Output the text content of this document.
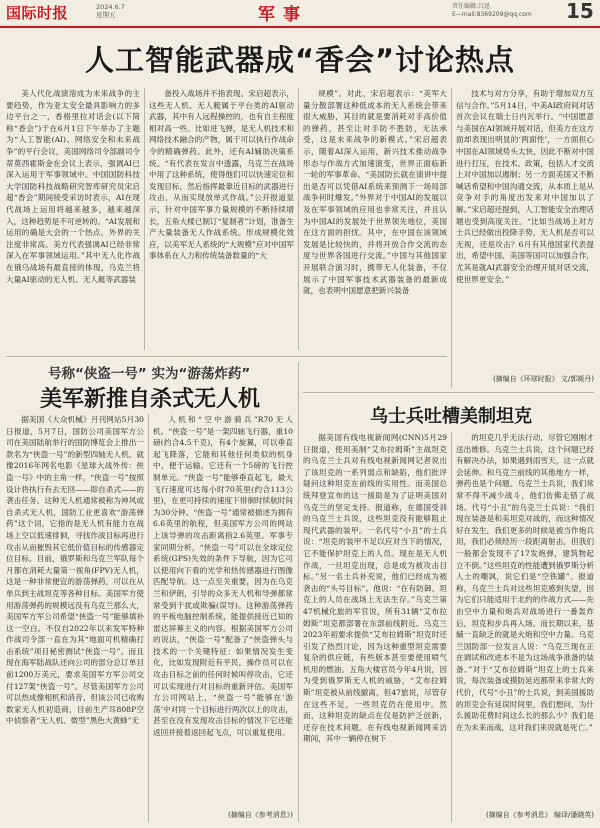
国际时报	2024.6.7
星期五	军事	责任编辑:吕迅
E—mail:8369209@qq.com 15
人工智能武器成“香会”讨论热点

美人代化战演溶成为未来战争的主要趋势，作为亚太安全最具影响力的多边平台之一，香格里拉对话会(以下简称“香会”)于在6月1日下午举办了主题为“人工智能(AI)、网络安全和未来战争”的平行会议，美国网络司令部副司令蒂莫西霍斯金在会议上表示，强调AI已深入运用于军事领域中。中国国防科技大学国防科技战略研究智库研究员宋启超“香会”期间接受采访时表示，AI在现代战场上运用将越来越多，越来越深入，这种趋势是不可逆转的。“AI发展和运用的确是大会的一个热点，外界的关注度非常高。美方代表强调AI已经非常深入在军事领域运用。”其中无人化作战在俄乌战场有最直接的体现，乌克兰将大量AI驱动的无人机、无人艇等武器装

备投入战场并不指表现。宋启超表示，这些无人机、无人艇属于平台类的AI驱动武器，其中有人远程操控的，也有自主程度相对高一些。比如进飞弹，是无人机技术和网络技术融合的产物，属于可以执行作战命令的精确弹药。此外，还有AI辅助决策系统。“有代表在发言中透露，乌克兰在战场中用了这种系统，使得他们可以快速定位和发现目标，然后指挥最靠近目标的武器进行攻击，从而实现放单式作战。”公开报道显示，针对中国军事力量规模的不断持续增长，五角大楼已制订“复制者”计划，准备生产大量装备无人作战系统。形成规模化效应，以美军无人系统的“大规模”应对中国军事体系在人力和传统装备数量的“大

规模”。对此，宋启超表示：“美军大量分散部署这种低成本的无人系统会带来很大威胁，其目的就是要消耗对手高价值的弹药，甚至让对手防不胜防，无法承受，这是未来战争的新模式。”宋启超表示，随着AI深入运用，新兴技术推动战争形态与作战方式加速演变，世界正面临新一轮的军事革命。“美国防长就在演讲中提出是否可以凭借AI系统来预测下一场局部战争何时爆发。”外界对于中国AI的发展以及在军事领域的应用也非常关注，并且认为中国AI的发展处于世界领先地位，美国在这方面的担忧。其中，在中国在该领域发展是比较快的，并将开放合作交流的态度与世界各国进行交流。”中国与其他国家开展联合演习时，携带无人化装备，不仅展示了中国军事技术武器装备的最新成就，也表明中国愿意把新兴装备

技术与对方分享，有助于增加双方互信与合作。”5月14日，中美AI政府间对话首次会议在瑞士日内瓦举行。“中国愿意与美国在AI领域开展对话，但美方在这方面却表现出明显的‘两面性’，一方面担心中国在AI领域势头太快，因此不断对中国进行打压，在技术、政策，包括人才交流上对中国加以遏制；另一方面美国又不断喊话希望和中国沟通交流，从本质上是从竞争对手的角度出发来对中国加以了解。”宋启超还提到，人工智能安全治理话题也受到高度关注。“比如当战场上对方士兵已经做出投降手势，无人机是否可以无视，还是攻击？6月有其他国家代表提出，希望中国、美国等国可以加强合作，尤其是就AI武器安全治理开展对话交流，使世界更安全。”

(摘编自《环球时报》 文/郭媛丹)
号称“侠盗一号” 实为“游荡炸药”
美军新推自杀式无人机

据美国《大众机械》月刊网站5月30日报道，5月7日，国防公司美国军方公司在美国陆航举行的国防博览会上推出一款名为“侠盗一号”的新型四轴无人机。就像2016年网名电影《星球大战外传：侠盗一号》中的主角一样，“侠盗一号”按照设计将执行有去无回——即自杀式——的袭击任务。这种无人机通常被称为神风或自杀式无人机，国防工业更喜欢“游荡弹药”这个词，它指的是无人机有能力在战场上空以低速徘徊，寻找作战目标再进行攻击从而摧毁其它低价值目标的传感器定位目标。目前，俄罗斯和乌克兰军队每个月都在消耗大量第一视角(FPV)无人机，这是一种非常便宜的游荡弹药，可以在从单兵到主战坦克等各种目标。美国军方使用游荡弹药的规模远没有乌克兰那么大，美国军方军公司希望“侠盗一号”能够填补这一空白。不仅自2022年以来发军特种作战司令部一直在为其“地面可机精确打击系统”项目秘密测试“侠盗一号”。而且现在海军陆战队还向公司的部分总订单目前1200万美元，要求美国军方军公司交付127架“侠盗一号”。尽管美国军方公司可以热成像相机和消音、但该公司已收购数家无人机初造商，目前生产耳808P空中侦察者“无人机、微型”黑色大黄蜂”无

人机和“空中游骑兵”R70无人机。“侠盗一号”是一架四轴飞行器，重10磅(约合4.5千克)，有4个旋翼，可以垂直起飞降落，它能和其他任何类似的机身中，便于运输。它还有一个5磅的飞行控制单元。“侠盗一号”能够垂直起飞，最大飞行速度可达每小时70英里(约合113公里)，在更可持续的速度下徘徊时续航时间为30分钟。“侠盗一号”通常被描述为拥有6.6英里的航程，但美国军方公司的网站上该导弹的攻击距离指2.6英里。军事专家同期分析，“侠盗一号”可以在全球定位系统(GPS)失效的条件下导航，因为它可以使用向下看的光学和热传感器进行图像匹配导航。这一点至关重要，因为在乌克兰和伊朗，引导的众多无人机和导弹都常常受到干扰或欺骗(误导)。这种游荡弹药的平板电脑控制系统，能提供接近已知的雷达屏幕主义的内容。根据美国军方公司的说法，“侠盗一号”配备了“侠盗弹头与技术的一个关键特征：如果情况发生变化，比如发现附近有平民，操作员可以在攻击目标之前的任何时候叫停攻击，它还可以实现进行对目标的重新评估。美国军方公司网站上，“侠盗一号”能够在‘游荡’中对同一个目标进行两次以上的攻击，甚至在没有发现攻击目标的情况下它还能返回并接着返回起飞点，可以重复使用。

(摘编自《参考消息》)
乌士兵吐槽美制坦克

据美国有线电视新闻网(CNN)5月29日报道，使用美制“艾布拉姆斯”主战坦克的乌克兰士兵对有线电视新闻网记者说出了该坦克的一系列弱点和缺陷，他们批评疑问这种坦克在前线的实用性。而美国总统拜登宣布的这一援助是为了证明美国对乌克兰的坚定支持。报道称，在德国受训的乌克兰士兵说，这些坦克没有能够阻止现代武器的装甲。一名代号“小丑”的士兵说：“坦克的装甲不足以应对当下的情况，它不能保护坦克上的人员。现在是无人机作战，一旦坦克出现，总是成为被攻击目标。”另一名士兵补充说，他们已经成为被袭击的“头号目标”。他说：“在有防御、坦克上的人员在战场上无法生存。”乌克兰第47机械化旅的军官说，所有31辆“艾布拉姆斯”坦克都部署在东部前线附近。乌克兰2023年初要求提供“艾布拉姆斯”坦克时还引发了热烈讨论，因为这种重型坦克需要复杂的供应链，有些版本甚至要使用喷气机用的燃油。五角大楼官员今年4月说，因为受到俄罗斯无人机的威胁，“艾布拉姆斯”坦克被从前线撤离，但47旅说，尽管存在这些不足，一些坦克仍在使用中。然而，这种坦克的缺点在仅是防护乏创新，还存在技术问题。在有线电视新闻网采访期间，其中一辆停在树下

的坦克几乎无法行动，尽管它刚刚才送出维修。乌克兰士兵说，这个问题已经有解决办法，如果遇到雨雪天，这一点就会延伸。和乌克兰前线的其他地方一样，弹药也是个问题。乌克兰士兵说，我们常常不得不减少战斗，他们仿佛走错了战场。代号“小丑”的乌克兰士兵说：“我们现在装备是和美坦克对战的，而这种情况好在发生，我们更多的时候是被当作炮兵用，我们必须经历一段距离射击，但我们一般都会发现不了17发炮弹，建筑物起立不倒。”这些坦克的性能遭到俄罗斯分析人士的嘲讽，说它们是“空铁罐”。报道称，乌克兰士兵对这些坦克感到失望，因为它们只能适用于北约的作战方式——先由空中力量和炮兵对战场进行一番轰炸后，坦克和步兵再入场。而长期以来，基辅一直缺乏的就是火炮和空中力量。乌克兰国防部一位发言人说：“乌克兰现在正在调试和改进本不是为这场战争准备的装备。”对于“艾布拉姆斯”坦克上的士兵来说，每次装备或摸防延迟都带来非常大的代价，代号“小丑”的士兵说，到美国援助的坦克会有延误时间里，我们想问，为什么援助花费时间这么长的那么少？我们是在为未来而战，这对我们来说就是死亡。”

(摘编自《参考消息》 编译/潘晓英)
